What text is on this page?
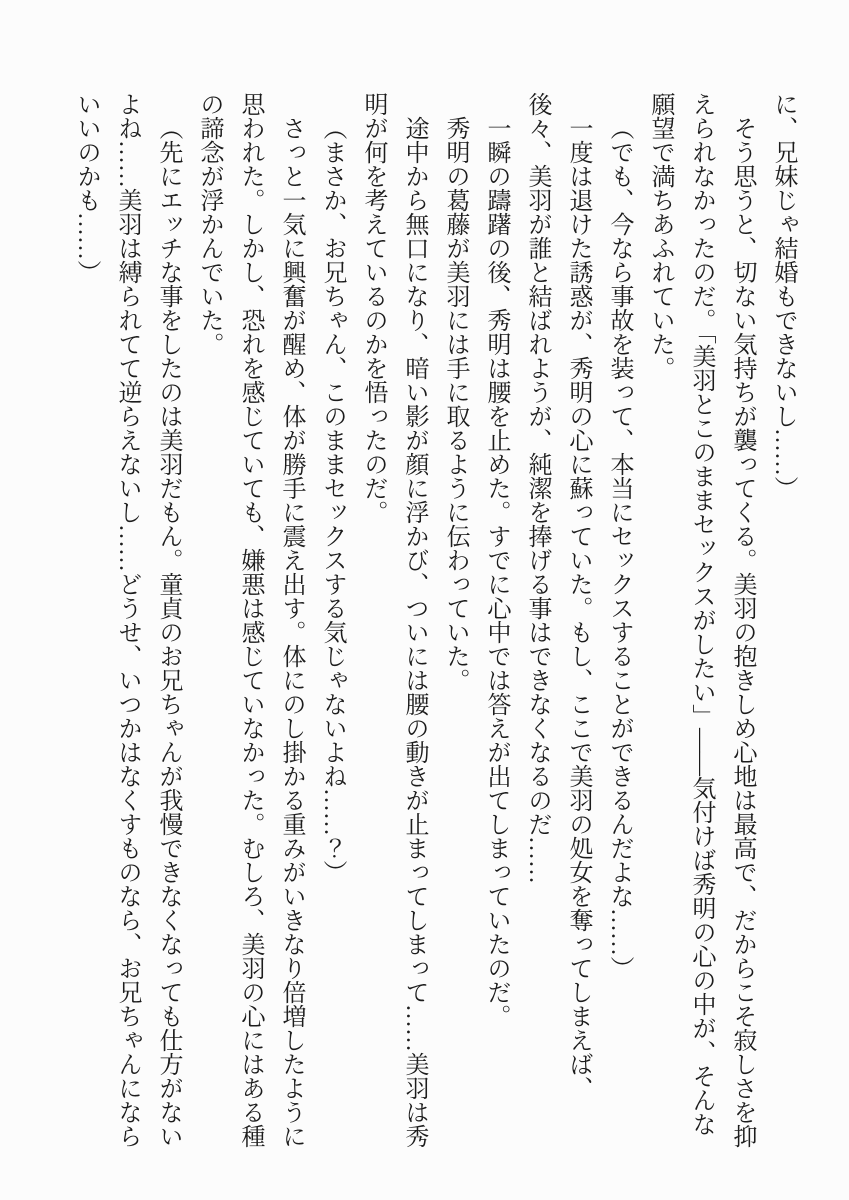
に、兄妹じゃ結婚もできないし……）

そう思うと、切ない気持ちが襲ってくる。美羽の抱きしめ心地は最高で、だからこそ寂しさを抑えられなかったのだ。「美羽とこのままセックスがしたい」――気付けば秀明の心の中が、そんな願望で満ちあふれていた。

（でも、今なら事故を装って、本当にセックスすることができるんだよな……）

一度は退けた誘惑が、秀明の心に蘇っていた。もし、ここで美羽の処女を奪ってしまえば、後々、美羽が誰と結ばれようが、純潔を捧げる事はできなくなるのだ……

一瞬の躊躇の後、秀明は腰を止めた。すでに心中では答えが出てしまっていたのだ。

秀明の葛藤が美羽には手に取るように伝わっていた。

途中から無口になり、暗い影が顔に浮かび、ついには腰の動きが止まってしまって……美羽は秀明が何を考えているのかを悟ったのだ。

（まさか、お兄ちゃん、このままセックスする気じゃないよね……？）

さっと一気に興奮が醒め、体が勝手に震え出す。体にのし掛かる重みがいきなり倍増したように思われた。しかし、恐れを感じていても、嫌悪は感じていなかった。むしろ、美羽の心にはある種の諦念が浮かんでいた。

（先にエッチな事をしたのは美羽だもん。童貞のお兄ちゃんが我慢できなくなっても仕方がないよね……美羽は縛られてて逆らえないし……どうせ、いつかはなくすものなら、お兄ちゃんにならいいのかも……）
